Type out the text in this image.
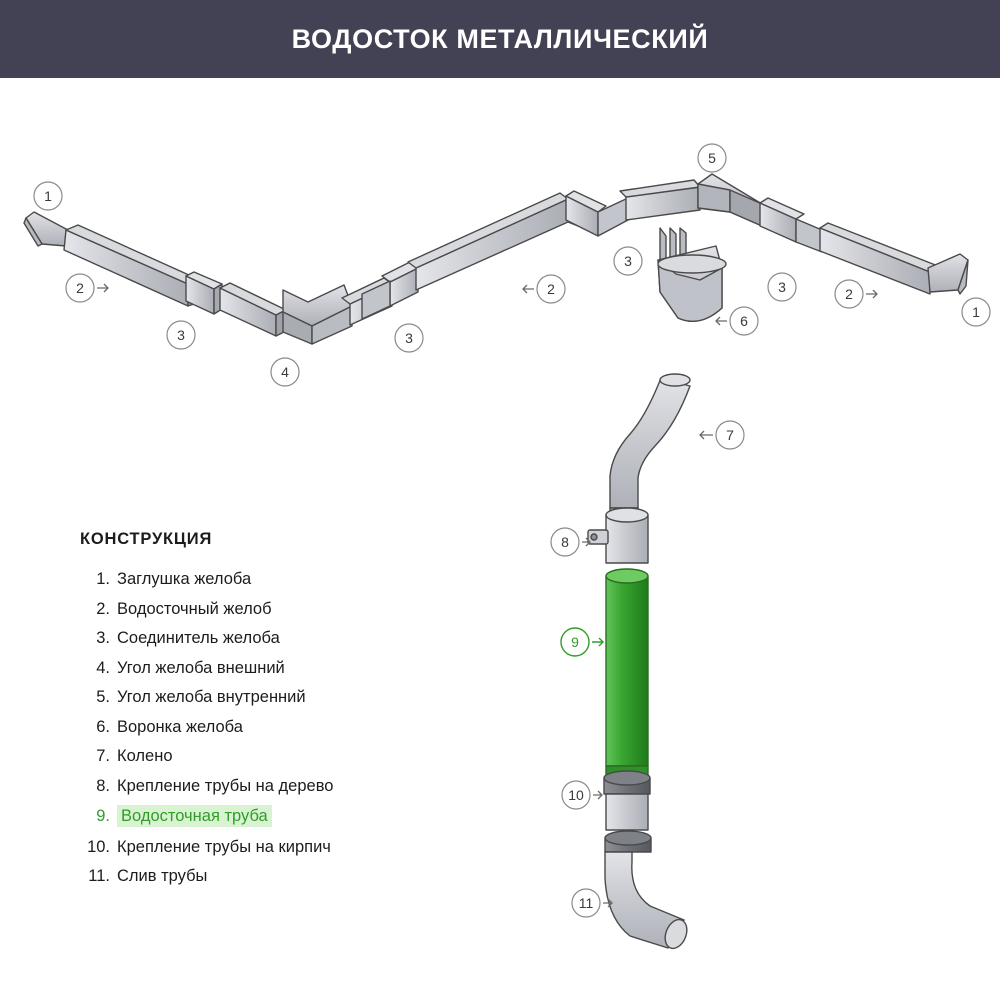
ВОДОСТОК МЕТАЛЛИЧЕСКИЙ
КОНСТРУКЦИЯ
1. Заглушка желоба
2. Водосточный желоб
3. Соединитель желоба
4. Угол желоба внешний
5. Угол желоба внутренний
6. Воронка желоба
7. Колено
8. Крепление трубы на дерево
9. Водосточная труба
10. Крепление трубы на кирпич
11. Слив трубы
1
2
3
4
3
2
3
5
3	2
1
6
7
8
9
10
11
